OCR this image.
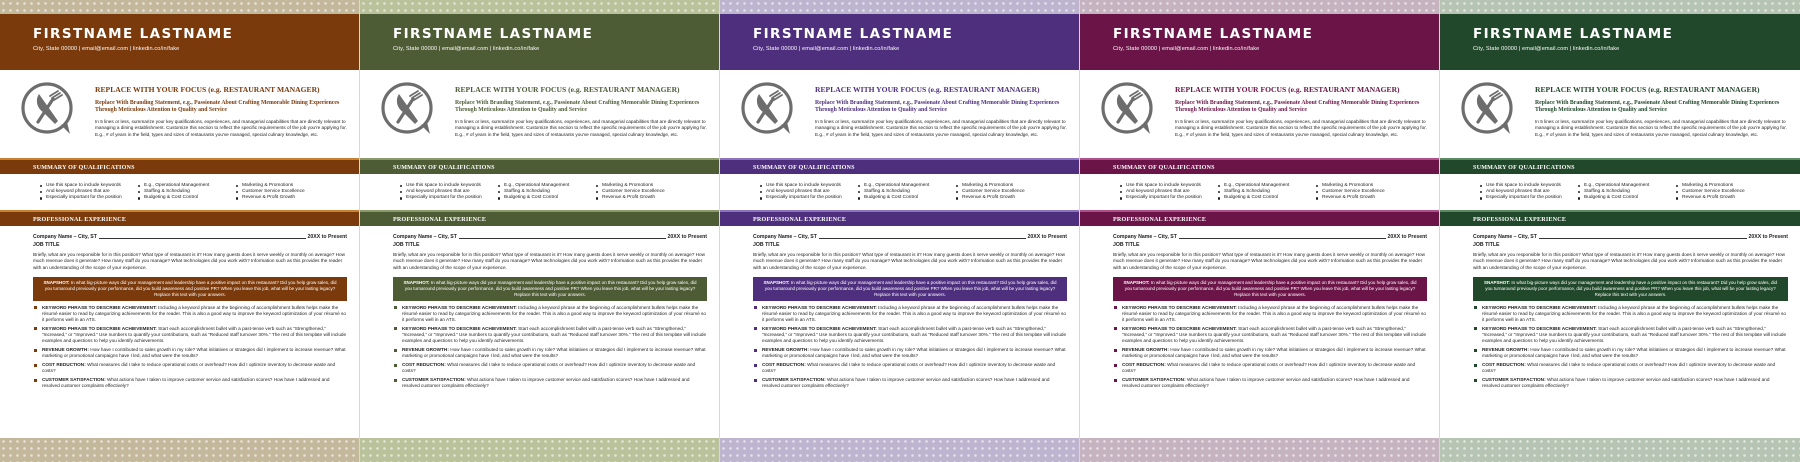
FIRSTNAME LASTNAME
City, State 00000 | email@email.com | linkedin.co/in/fake
REPLACE WITH YOUR FOCUS (e.g. RESTAURANT MANAGER)
Replace With Branding Statement, e.g., Passionate About Crafting Memorable Dining Experiences Through Meticulous Attention to Quality and Service
In 5 lines or less, summarize your key qualifications, experiences, and managerial capabilities that are directly relevant to managing a dining establishment. Customize this section to reflect the specific requirements of the job you're applying for. E.g., # of years in the field, types and sizes of restaurants you've managed, special culinary knowledge, etc.
SUMMARY OF QUALIFICATIONS
Use this space to include keywords
And keyword phrases that are
Especially important for the position
E.g., Operational Management
Staffing & Scheduling
Budgeting & Cost Control
Marketing & Promotions
Customer Service Excellence
Revenue & Profit Growth
PROFESSIONAL EXPERIENCE
Company Name – City, ST	20XX to Present
JOB TITLE
Briefly, what are you responsible for in this position? What type of restaurant is it? How many guests does it serve weekly or monthly on average? How much revenue does it generate? How many staff do you manage? What technologies did you work with? Information such as this provides the reader with an understanding of the scope of your experience.
SNAPSHOT: In what big-picture ways did your management and leadership have a positive impact on this restaurant? Did you help grow sales, did you turnaround previously poor performance, did you build awareness and positive PR? When you leave this job, what will be your lasting legacy? Replace this text with your answers.
KEYWORD PHRASE TO DESCRIBE ACHIEVEMENT: Including a keyword phrase at the beginning of accomplishment bullets helps make the résumé easier to read by categorizing achievements for the reader. This is also a good way to improve the keyword optimization of your résumé so it performs well in an ATS.
KEYWORD PHRASE TO DESCRIBE ACHIEVEMENT: Start each accomplishment bullet with a past-tense verb such as “Strengthened,” “Increased,” or “Improved.” Use numbers to quantify your contributions, such as “Reduced staff turnover 30%.” The rest of this template will include examples and questions to help you identify achievements.
REVENUE GROWTH: How have I contributed to sales growth in my role? What initiatives or strategies did I implement to increase revenue? What marketing or promotional campaigns have I led, and what were the results?
COST REDUCTION: What measures did I take to reduce operational costs or overhead? How did I optimize inventory to decrease waste and costs?
CUSTOMER SATISFACTION: What actions have I taken to improve customer service and satisfaction scores? How have I addressed and resolved customer complaints effectively?
FIRSTNAME LASTNAME
City, State 00000 | email@email.com | linkedin.co/in/fake
REPLACE WITH YOUR FOCUS (e.g. RESTAURANT MANAGER)
Replace With Branding Statement, e.g., Passionate About Crafting Memorable Dining Experiences Through Meticulous Attention to Quality and Service
In 5 lines or less, summarize your key qualifications, experiences, and managerial capabilities that are directly relevant to managing a dining establishment. Customize this section to reflect the specific requirements of the job you're applying for. E.g., # of years in the field, types and sizes of restaurants you've managed, special culinary knowledge, etc.
SUMMARY OF QUALIFICATIONS
Use this space to include keywords
And keyword phrases that are
Especially important for the position
E.g., Operational Management
Staffing & Scheduling
Budgeting & Cost Control
Marketing & Promotions
Customer Service Excellence
Revenue & Profit Growth
PROFESSIONAL EXPERIENCE
Company Name – City, ST	20XX to Present
JOB TITLE
Briefly, what are you responsible for in this position? What type of restaurant is it? How many guests does it serve weekly or monthly on average? How much revenue does it generate? How many staff do you manage? What technologies did you work with? Information such as this provides the reader with an understanding of the scope of your experience.
SNAPSHOT: In what big-picture ways did your management and leadership have a positive impact on this restaurant? Did you help grow sales, did you turnaround previously poor performance, did you build awareness and positive PR? When you leave this job, what will be your lasting legacy? Replace this text with your answers.
KEYWORD PHRASE TO DESCRIBE ACHIEVEMENT: Including a keyword phrase at the beginning of accomplishment bullets helps make the résumé easier to read by categorizing achievements for the reader. This is also a good way to improve the keyword optimization of your résumé so it performs well in an ATS.
KEYWORD PHRASE TO DESCRIBE ACHIEVEMENT: Start each accomplishment bullet with a past-tense verb such as “Strengthened,” “Increased,” or “Improved.” Use numbers to quantify your contributions, such as “Reduced staff turnover 30%.” The rest of this template will include examples and questions to help you identify achievements.
REVENUE GROWTH: How have I contributed to sales growth in my role? What initiatives or strategies did I implement to increase revenue? What marketing or promotional campaigns have I led, and what were the results?
COST REDUCTION: What measures did I take to reduce operational costs or overhead? How did I optimize inventory to decrease waste and costs?
CUSTOMER SATISFACTION: What actions have I taken to improve customer service and satisfaction scores? How have I addressed and resolved customer complaints effectively?
FIRSTNAME LASTNAME
City, State 00000 | email@email.com | linkedin.co/in/fake
REPLACE WITH YOUR FOCUS (e.g. RESTAURANT MANAGER)
Replace With Branding Statement, e.g., Passionate About Crafting Memorable Dining Experiences Through Meticulous Attention to Quality and Service
In 5 lines or less, summarize your key qualifications, experiences, and managerial capabilities that are directly relevant to managing a dining establishment. Customize this section to reflect the specific requirements of the job you're applying for. E.g., # of years in the field, types and sizes of restaurants you've managed, special culinary knowledge, etc.
SUMMARY OF QUALIFICATIONS
Use this space to include keywords
And keyword phrases that are
Especially important for the position
E.g., Operational Management
Staffing & Scheduling
Budgeting & Cost Control
Marketing & Promotions
Customer Service Excellence
Revenue & Profit Growth
PROFESSIONAL EXPERIENCE
Company Name – City, ST	20XX to Present
JOB TITLE
Briefly, what are you responsible for in this position? What type of restaurant is it? How many guests does it serve weekly or monthly on average? How much revenue does it generate? How many staff do you manage? What technologies did you work with? Information such as this provides the reader with an understanding of the scope of your experience.
SNAPSHOT: In what big-picture ways did your management and leadership have a positive impact on this restaurant? Did you help grow sales, did you turnaround previously poor performance, did you build awareness and positive PR? When you leave this job, what will be your lasting legacy? Replace this text with your answers.
KEYWORD PHRASE TO DESCRIBE ACHIEVEMENT: Including a keyword phrase at the beginning of accomplishment bullets helps make the résumé easier to read by categorizing achievements for the reader. This is also a good way to improve the keyword optimization of your résumé so it performs well in an ATS.
KEYWORD PHRASE TO DESCRIBE ACHIEVEMENT: Start each accomplishment bullet with a past-tense verb such as “Strengthened,” “Increased,” or “Improved.” Use numbers to quantify your contributions, such as “Reduced staff turnover 30%.” The rest of this template will include examples and questions to help you identify achievements.
REVENUE GROWTH: How have I contributed to sales growth in my role? What initiatives or strategies did I implement to increase revenue? What marketing or promotional campaigns have I led, and what were the results?
COST REDUCTION: What measures did I take to reduce operational costs or overhead? How did I optimize inventory to decrease waste and costs?
CUSTOMER SATISFACTION: What actions have I taken to improve customer service and satisfaction scores? How have I addressed and resolved customer complaints effectively?
FIRSTNAME LASTNAME
City, State 00000 | email@email.com | linkedin.co/in/fake
REPLACE WITH YOUR FOCUS (e.g. RESTAURANT MANAGER)
Replace With Branding Statement, e.g., Passionate About Crafting Memorable Dining Experiences Through Meticulous Attention to Quality and Service
In 5 lines or less, summarize your key qualifications, experiences, and managerial capabilities that are directly relevant to managing a dining establishment. Customize this section to reflect the specific requirements of the job you're applying for. E.g., # of years in the field, types and sizes of restaurants you've managed, special culinary knowledge, etc.
SUMMARY OF QUALIFICATIONS
Use this space to include keywords
And keyword phrases that are
Especially important for the position
E.g., Operational Management
Staffing & Scheduling
Budgeting & Cost Control
Marketing & Promotions
Customer Service Excellence
Revenue & Profit Growth
PROFESSIONAL EXPERIENCE
Company Name – City, ST	20XX to Present
JOB TITLE
Briefly, what are you responsible for in this position? What type of restaurant is it? How many guests does it serve weekly or monthly on average? How much revenue does it generate? How many staff do you manage? What technologies did you work with? Information such as this provides the reader with an understanding of the scope of your experience.
SNAPSHOT: In what big-picture ways did your management and leadership have a positive impact on this restaurant? Did you help grow sales, did you turnaround previously poor performance, did you build awareness and positive PR? When you leave this job, what will be your lasting legacy? Replace this text with your answers.
KEYWORD PHRASE TO DESCRIBE ACHIEVEMENT: Including a keyword phrase at the beginning of accomplishment bullets helps make the résumé easier to read by categorizing achievements for the reader. This is also a good way to improve the keyword optimization of your résumé so it performs well in an ATS.
KEYWORD PHRASE TO DESCRIBE ACHIEVEMENT: Start each accomplishment bullet with a past-tense verb such as “Strengthened,” “Increased,” or “Improved.” Use numbers to quantify your contributions, such as “Reduced staff turnover 30%.” The rest of this template will include examples and questions to help you identify achievements.
REVENUE GROWTH: How have I contributed to sales growth in my role? What initiatives or strategies did I implement to increase revenue? What marketing or promotional campaigns have I led, and what were the results?
COST REDUCTION: What measures did I take to reduce operational costs or overhead? How did I optimize inventory to decrease waste and costs?
CUSTOMER SATISFACTION: What actions have I taken to improve customer service and satisfaction scores? How have I addressed and resolved customer complaints effectively?
FIRSTNAME LASTNAME
City, State 00000 | email@email.com | linkedin.co/in/fake
REPLACE WITH YOUR FOCUS (e.g. RESTAURANT MANAGER)
Replace With Branding Statement, e.g., Passionate About Crafting Memorable Dining Experiences Through Meticulous Attention to Quality and Service
In 5 lines or less, summarize your key qualifications, experiences, and managerial capabilities that are directly relevant to managing a dining establishment. Customize this section to reflect the specific requirements of the job you're applying for. E.g., # of years in the field, types and sizes of restaurants you've managed, special culinary knowledge, etc.
SUMMARY OF QUALIFICATIONS
Use this space to include keywords
And keyword phrases that are
Especially important for the position
E.g., Operational Management
Staffing & Scheduling
Budgeting & Cost Control
Marketing & Promotions
Customer Service Excellence
Revenue & Profit Growth
PROFESSIONAL EXPERIENCE
Company Name – City, ST	20XX to Present
JOB TITLE
Briefly, what are you responsible for in this position? What type of restaurant is it? How many guests does it serve weekly or monthly on average? How much revenue does it generate? How many staff do you manage? What technologies did you work with? Information such as this provides the reader with an understanding of the scope of your experience.
SNAPSHOT: In what big-picture ways did your management and leadership have a positive impact on this restaurant? Did you help grow sales, did you turnaround previously poor performance, did you build awareness and positive PR? When you leave this job, what will be your lasting legacy? Replace this text with your answers.
KEYWORD PHRASE TO DESCRIBE ACHIEVEMENT: Including a keyword phrase at the beginning of accomplishment bullets helps make the résumé easier to read by categorizing achievements for the reader. This is also a good way to improve the keyword optimization of your résumé so it performs well in an ATS.
KEYWORD PHRASE TO DESCRIBE ACHIEVEMENT: Start each accomplishment bullet with a past-tense verb such as “Strengthened,” “Increased,” or “Improved.” Use numbers to quantify your contributions, such as “Reduced staff turnover 30%.” The rest of this template will include examples and questions to help you identify achievements.
REVENUE GROWTH: How have I contributed to sales growth in my role? What initiatives or strategies did I implement to increase revenue? What marketing or promotional campaigns have I led, and what were the results?
COST REDUCTION: What measures did I take to reduce operational costs or overhead? How did I optimize inventory to decrease waste and costs?
CUSTOMER SATISFACTION: What actions have I taken to improve customer service and satisfaction scores? How have I addressed and resolved customer complaints effectively?
